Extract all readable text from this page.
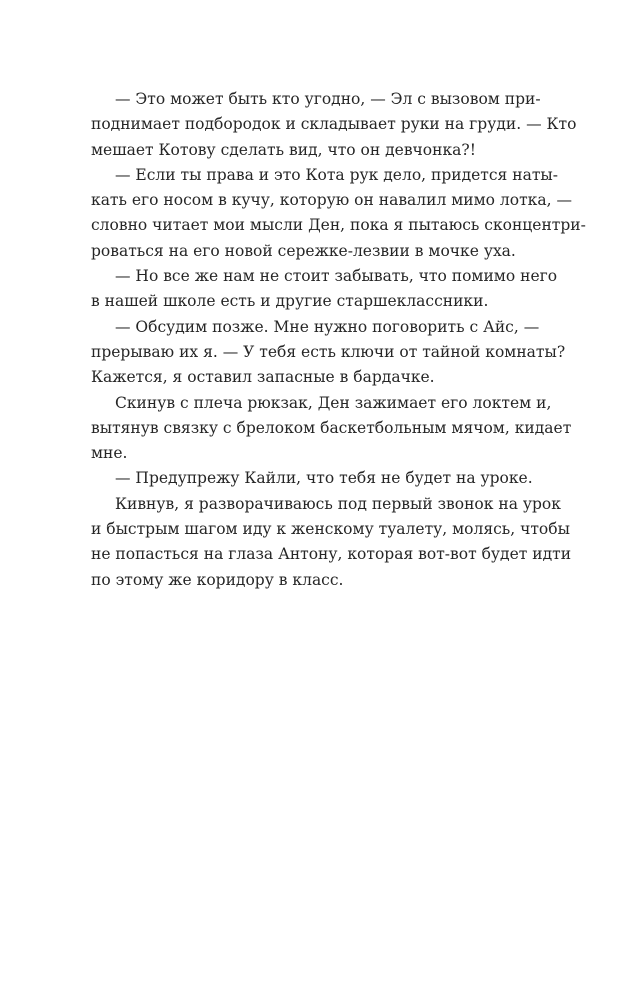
— Это может быть кто угодно, — Эл с вызовом при-
поднимает подбородок и складывает руки на груди. — Кто
мешает Котову сделать вид, что он девчонка?!
— Если ты права и это Кота рук дело, придется наты-
кать его носом в кучу, которую он навалил мимо лотка, —
словно читает мои мысли Ден, пока я пытаюсь сконцентри-
роваться на его новой сережке-лезвии в мочке уха.
— Но все же нам не стоит забывать, что помимо него
в нашей школе есть и другие старшеклассники.
— Обсудим позже. Мне нужно поговорить с Айс, —
прерываю их я. — У тебя есть ключи от тайной комнаты?
Кажется, я оставил запасные в бардачке.
Скинув с плеча рюкзак, Ден зажимает его локтем и,
вытянув связку с брелоком баскетбольным мячом, кидает
мне.
— Предупрежу Кайли, что тебя не будет на уроке.
Кивнув, я разворачиваюсь под первый звонок на урок
и быстрым шагом иду к женскому туалету, молясь, чтобы
не попасться на глаза Антону, которая вот-вот будет идти
по этому же коридору в класс.
